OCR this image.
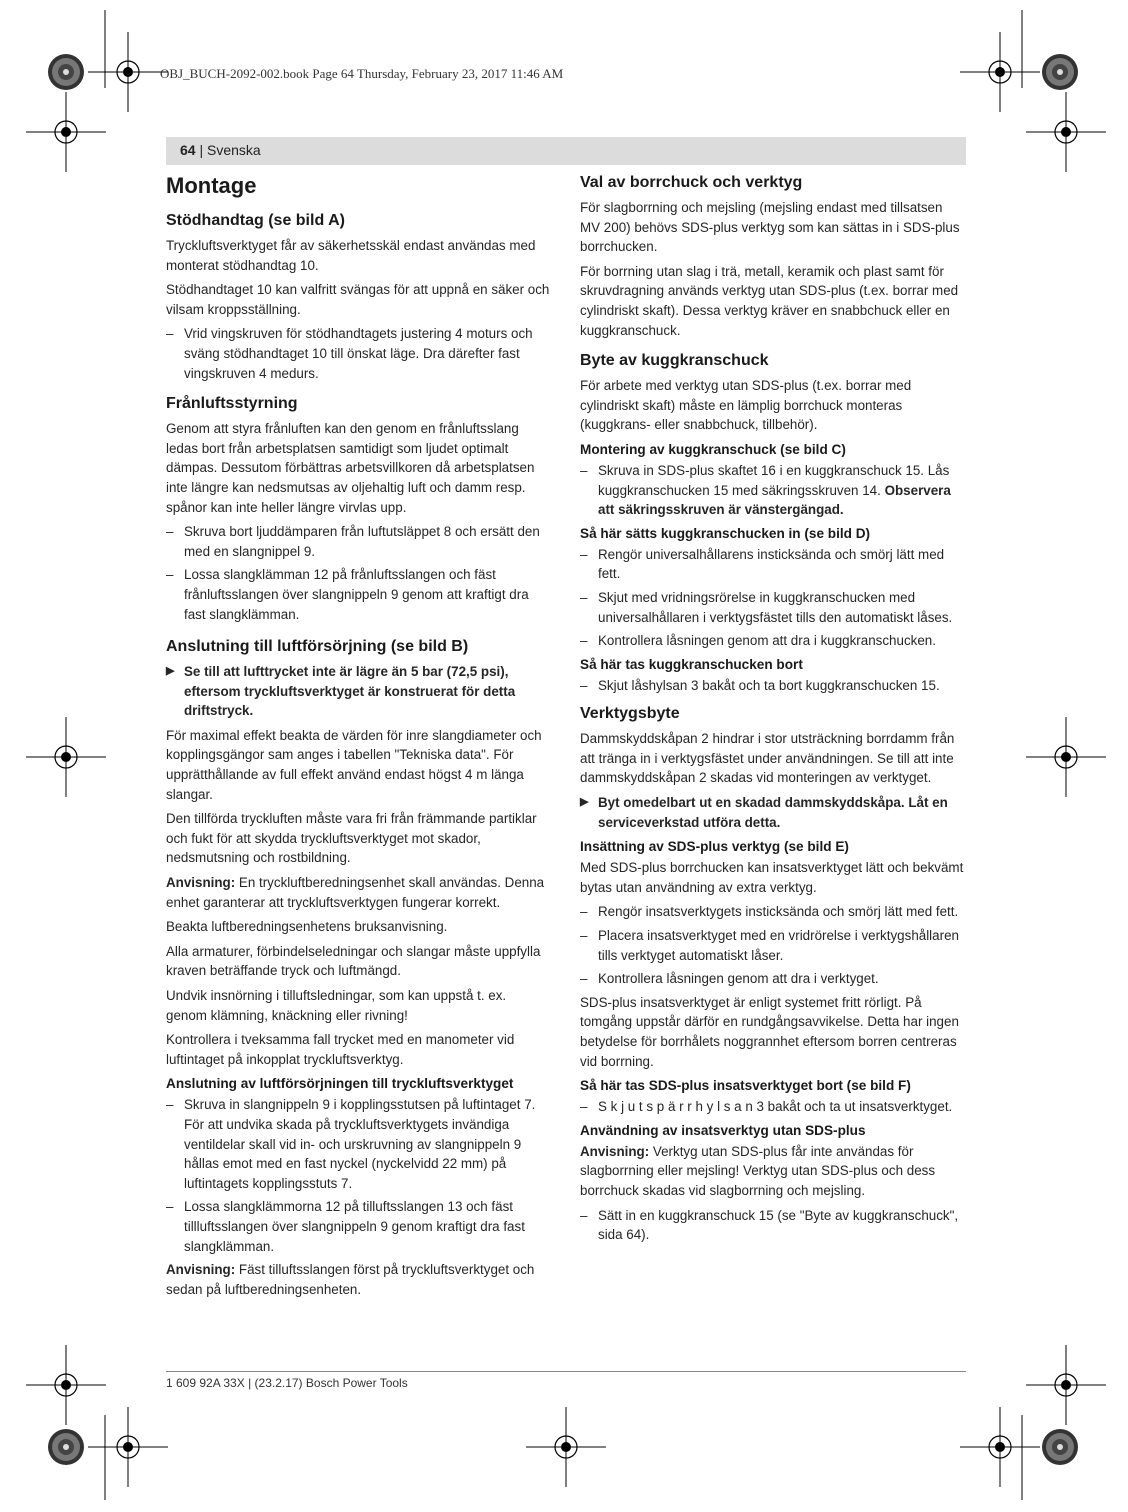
OBJ_BUCH-2092-002.book Page 64 Thursday, February 23, 2017 11:46 AM
64 | Svenska
Montage
Stödhandtag (se bild A)

Tryckluftsverktyget får av säkerhetsskäl endast användas med monterat stödhandtag 10.

Stödhandtaget 10 kan valfritt svängas för att uppnå en säker och vilsam kroppsställning.

– Vrid vingskruven för stödhandtagets justering 4 moturs och sväng stödhandtaget 10 till önskat läge. Dra därefter fast vingskruven 4 medurs.
Frånluftsstyrning

Genom att styra frånluften kan den genom en frånluftsslang ledas bort från arbetsplatsen samtidigt som ljudet optimalt dämpas. Dessutom förbättras arbetsvillkoren då arbetsplatsen inte längre kan nedsmutsas av oljehaltig luft och damm resp. spånor kan inte heller längre virvlas upp.

– Skruva bort ljuddämparen från luftutsläppet 8 och ersätt den med en slangnippel 9.
– Lossa slangklämman 12 på frånluftsslangen och fäst frånluftsslangen över slangnippeln 9 genom att kraftigt dra fast slangklämman.
Anslutning till luftförsörjning (se bild B)
▶ Se till att lufttrycket inte är lägre än 5 bar (72,5 psi), eftersom tryckluftsverktyget är konstruerat för detta driftstryck.

För maximal effekt beakta de värden för inre slangdiameter och kopplingsgängor sam anges i tabellen "Tekniska data". För upprätthållande av full effekt använd endast högst 4 m länga slangar.

Den tillförda tryckluften måste vara fri från främmande partiklar och fukt för att skydda tryckluftsverktyget mot skador, nedsmutsning och rostbildning.

Anvisning: En tryckluftberedningsenhet skall användas. Denna enhet garanterar att tryckluftsverktygen fungerar korrekt.

Beakta luftberedningsenhetens bruksanvisning.

Alla armaturer, förbindelseledningar och slangar måste uppfylla kraven beträffande tryck och luftmängd.

Undvik insnörning i tilluftsledningar, som kan uppstå t. ex. genom klämning, knäckning eller rivning!

Kontrollera i tveksamma fall trycket med en manometer vid luftintaget på inkopplat tryckluftsverktyg.

Anslutning av luftförsörjningen till tryckluftsverktyget
– Skruva in slangnippeln 9 i kopplingsstutsen på luftintaget 7.
För att undvika skada på tryckluftsverktygets invändiga ventildelar skall vid in- och urskruvning av slangnippeln 9 hållas emot med en fast nyckel (nyckelvidd 22 mm) på luftintagets kopplingsstuts 7.
– Lossa slangklämmorna 12 på tilluftsslangen 13 och fäst tillluftsslangen över slangnippeln 9 genom kraftigt dra fast slangklämman.

Anvisning: Fäst tilluftsslangen först på tryckluftsverktyget och sedan på luftberedningsenheten.

Val av borrchuck och verktyg

För slagborrning och mejsling (mejsling endast med tillsatsen MV 200) behövs SDS-plus verktyg som kan sättas in i SDS-plus borrchucken.

För borrning utan slag i trä, metall, keramik och plast samt för skruvdragning används verktyg utan SDS-plus (t.ex. borrar med cylindriskt skaft). Dessa verktyg kräver en snabbchuck eller en kuggkranschuck.

Byte av kuggkranschuck

För arbete med verktyg utan SDS-plus (t.ex. borrar med cylindriskt skaft) måste en lämplig borrchuck monteras (kuggkrans- eller snabbchuck, tillbehör).

Montering av kuggkranschuck (se bild C)
– Skruva in SDS-plus skaftet 16 i en kuggkranschuck 15. Lås kuggkranschucken 15 med säkringsskruven 14. Observera att säkringsskruven är vänstergängad.
Så här sätts kuggkranschucken in (se bild D)
– Rengör universalhållarens insticksända och smörj lätt med fett.
– Skjut med vridningsrörelse in kuggkranschucken med universalhållaren i verktygsfästet tills den automatiskt låses.
– Kontrollera låsningen genom att dra i kuggkranschucken.
Så här tas kuggkranschucken bort
– Skjut låshylsan 3 bakåt och ta bort kuggkranschucken 15.
Verktygsbyte

Dammskyddskåpan 2 hindrar i stor utsträckning borrdamm från att tränga in i verktygsfästet under användningen. Se till att inte dammskyddskåpan 2 skadas vid monteringen av verktyget.

▶ Byt omedelbart ut en skadad dammskyddskåpa. Låt en serviceverkstad utföra detta.
Insättning av SDS-plus verktyg (se bild E)

Med SDS-plus borrchucken kan insatsverktyget lätt och bekvämt bytas utan användning av extra verktyg.

– Rengör insatsverktygets insticksända och smörj lätt med fett.
– Placera insatsverktyget med en vridrörelse i verktygshållaren tills verktyget automatiskt låser.
– Kontrollera låsningen genom att dra i verktyget.

SDS-plus insatsverktyget är enligt systemet fritt rörligt. På tomgång uppstår därför en rundgångsavvikelse. Detta har ingen betydelse för borrhålets noggrannhet eftersom borren centreras vid borrning.

Så här tas SDS-plus insatsverktyget bort (se bild F)
– S k j u t s p ä r r h y l s a n 3 bakåt och ta ut insatsverktyget.
Användning av insatsverktyg utan SDS-plus

Anvisning: Verktyg utan SDS-plus får inte användas för slagborrning eller mejsling! Verktyg utan SDS-plus och dess borrchuck skadas vid slagborrning och mejsling.

– Sätt in en kuggkranschuck 15 (se "Byte av kuggkranschuck", sida 64).
1 609 92A 33X | (23.2.17) Bosch Power Tools
